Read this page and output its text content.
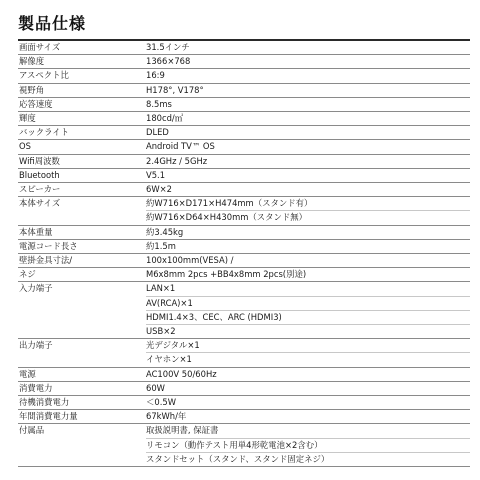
製品仕様
画面サイズ	31.5インチ
解像度	1366×768
アスペクト比	16:9
視野角	H178°, V178°
応答速度	8.5ms
輝度	180cd/㎡
バックライト	DLED
OS	Android TV™ OS
Wifi周波数	2.4GHz / 5GHz
Bluetooth	V5.1
スピーカー	6W×2
本体サイズ	約W716×D171×H474mm（スタンド有）
約W716×D64×H430mm（スタンド無）
本体重量	約3.45kg
電源コード長さ	約1.5m
壁掛金具寸法/	100x100mm(VESA) /
ネジ	M6x8mm 2pcs +BB4x8mm 2pcs(別途)
入力端子	LAN×1
AV(RCA)×1
HDMI1.4×3、CEC、ARC (HDMI3)
USB×2
出力端子	光デジタル×1
イヤホン×1
電源	AC100V 50/60Hz
消費電力	60W
待機消費電力	＜0.5W
年間消費電力量	67kWh/年
付属品	取扱説明書, 保証書
リモコン（動作テスト用単4形乾電池×2含む）
スタンドセット（スタンド、スタンド固定ネジ）
